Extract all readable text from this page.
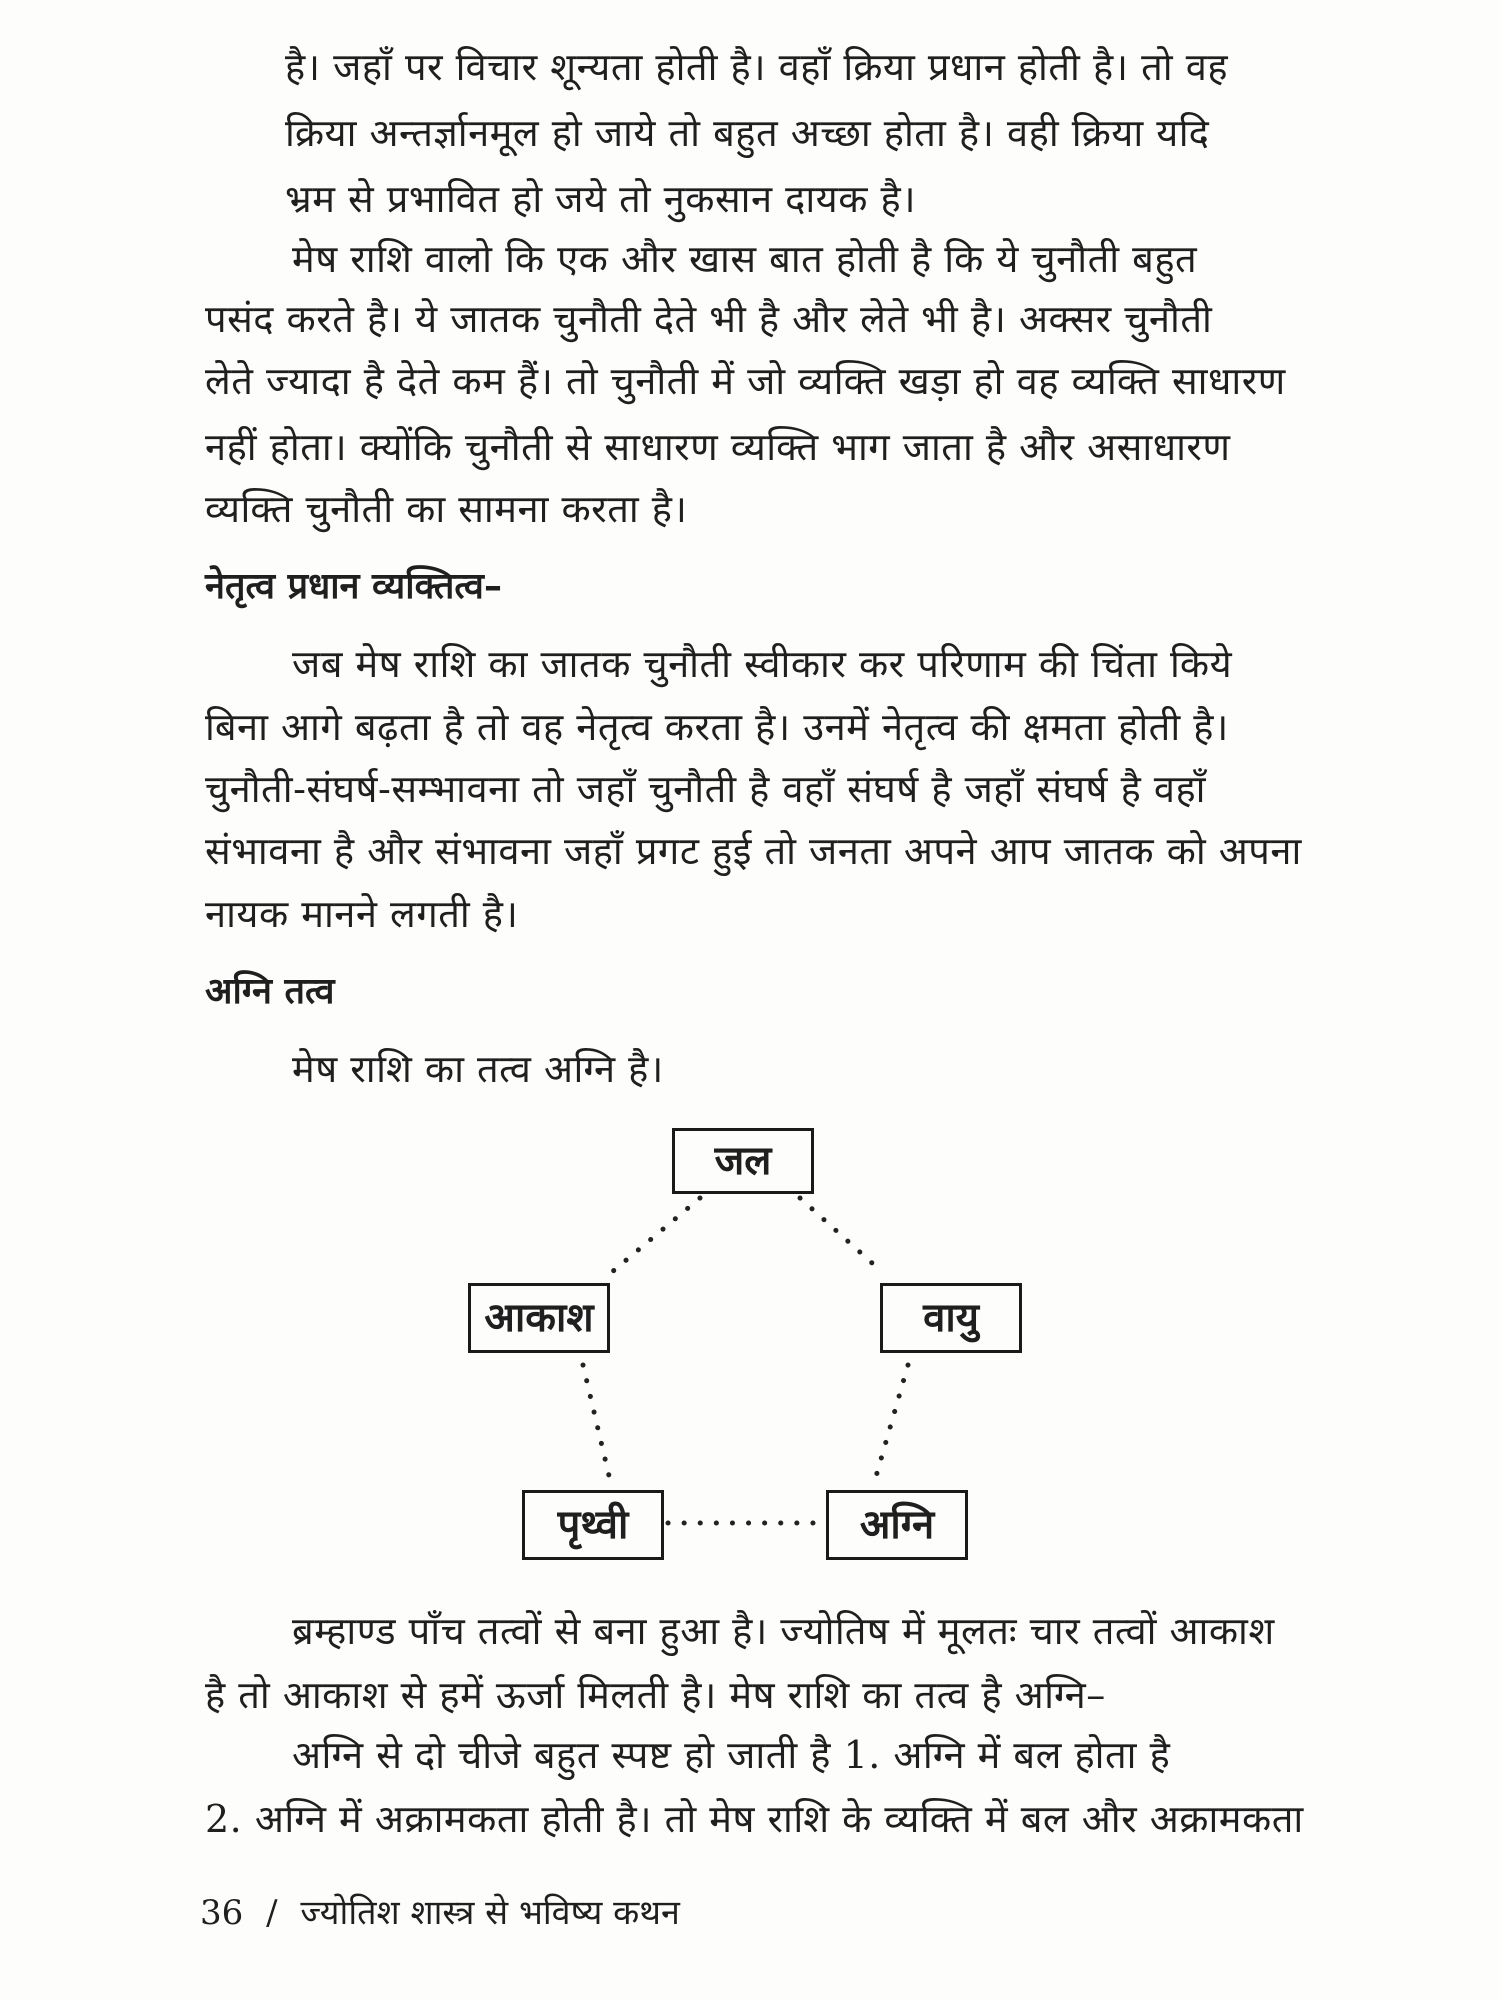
है। जहाँ पर विचार शून्यता होती है। वहाँ क्रिया प्रधान होती है। तो वह
क्रिया अन्तर्ज्ञानमूल हो जाये तो बहुत अच्छा होता है। वही क्रिया यदि
भ्रम से प्रभावित हो जये तो नुकसान दायक है।
मेष राशि वालो कि एक और खास बात होती है कि ये चुनौती बहुत
पसंद करते है। ये जातक चुनौती देते भी है और लेते भी है। अक्सर चुनौती
लेते ज्यादा है देते कम हैं। तो चुनौती में जो व्यक्ति खड़ा हो वह व्यक्ति साधारण
नहीं होता। क्योंकि चुनौती से साधारण व्यक्ति भाग जाता है और असाधारण
व्यक्ति चुनौती का सामना करता है।
नेतृत्व प्रधान व्यक्तित्व–
जब मेष राशि का जातक चुनौती स्वीकार कर परिणाम की चिंता किये
बिना आगे बढ़ता है तो वह नेतृत्व करता है। उनमें नेतृत्व की क्षमता होती है।
चुनौती-संघर्ष-सम्भावना तो जहाँ चुनौती है वहाँ संघर्ष है जहाँ संघर्ष है वहाँ
संभावना है और संभावना जहाँ प्रगट हुई तो जनता अपने आप जातक को अपना
नायक मानने लगती है।
अग्नि तत्व
मेष राशि का तत्व अग्नि है।
जल
आकाश	वायु
पृथ्वी	अग्नि
ब्रम्हाण्ड पाँच तत्वों से बना हुआ है। ज्योतिष में मूलतः चार तत्वों आकाश
है तो आकाश से हमें ऊर्जा मिलती है। मेष राशि का तत्व है अग्नि–
अग्नि से दो चीजे बहुत स्पष्ट हो जाती है 1. अग्नि में बल होता है
2. अग्नि में अक्रामकता होती है। तो मेष राशि के व्यक्ति में बल और अक्रामकता
36 / ज्योतिश शास्त्र से भविष्य कथन
